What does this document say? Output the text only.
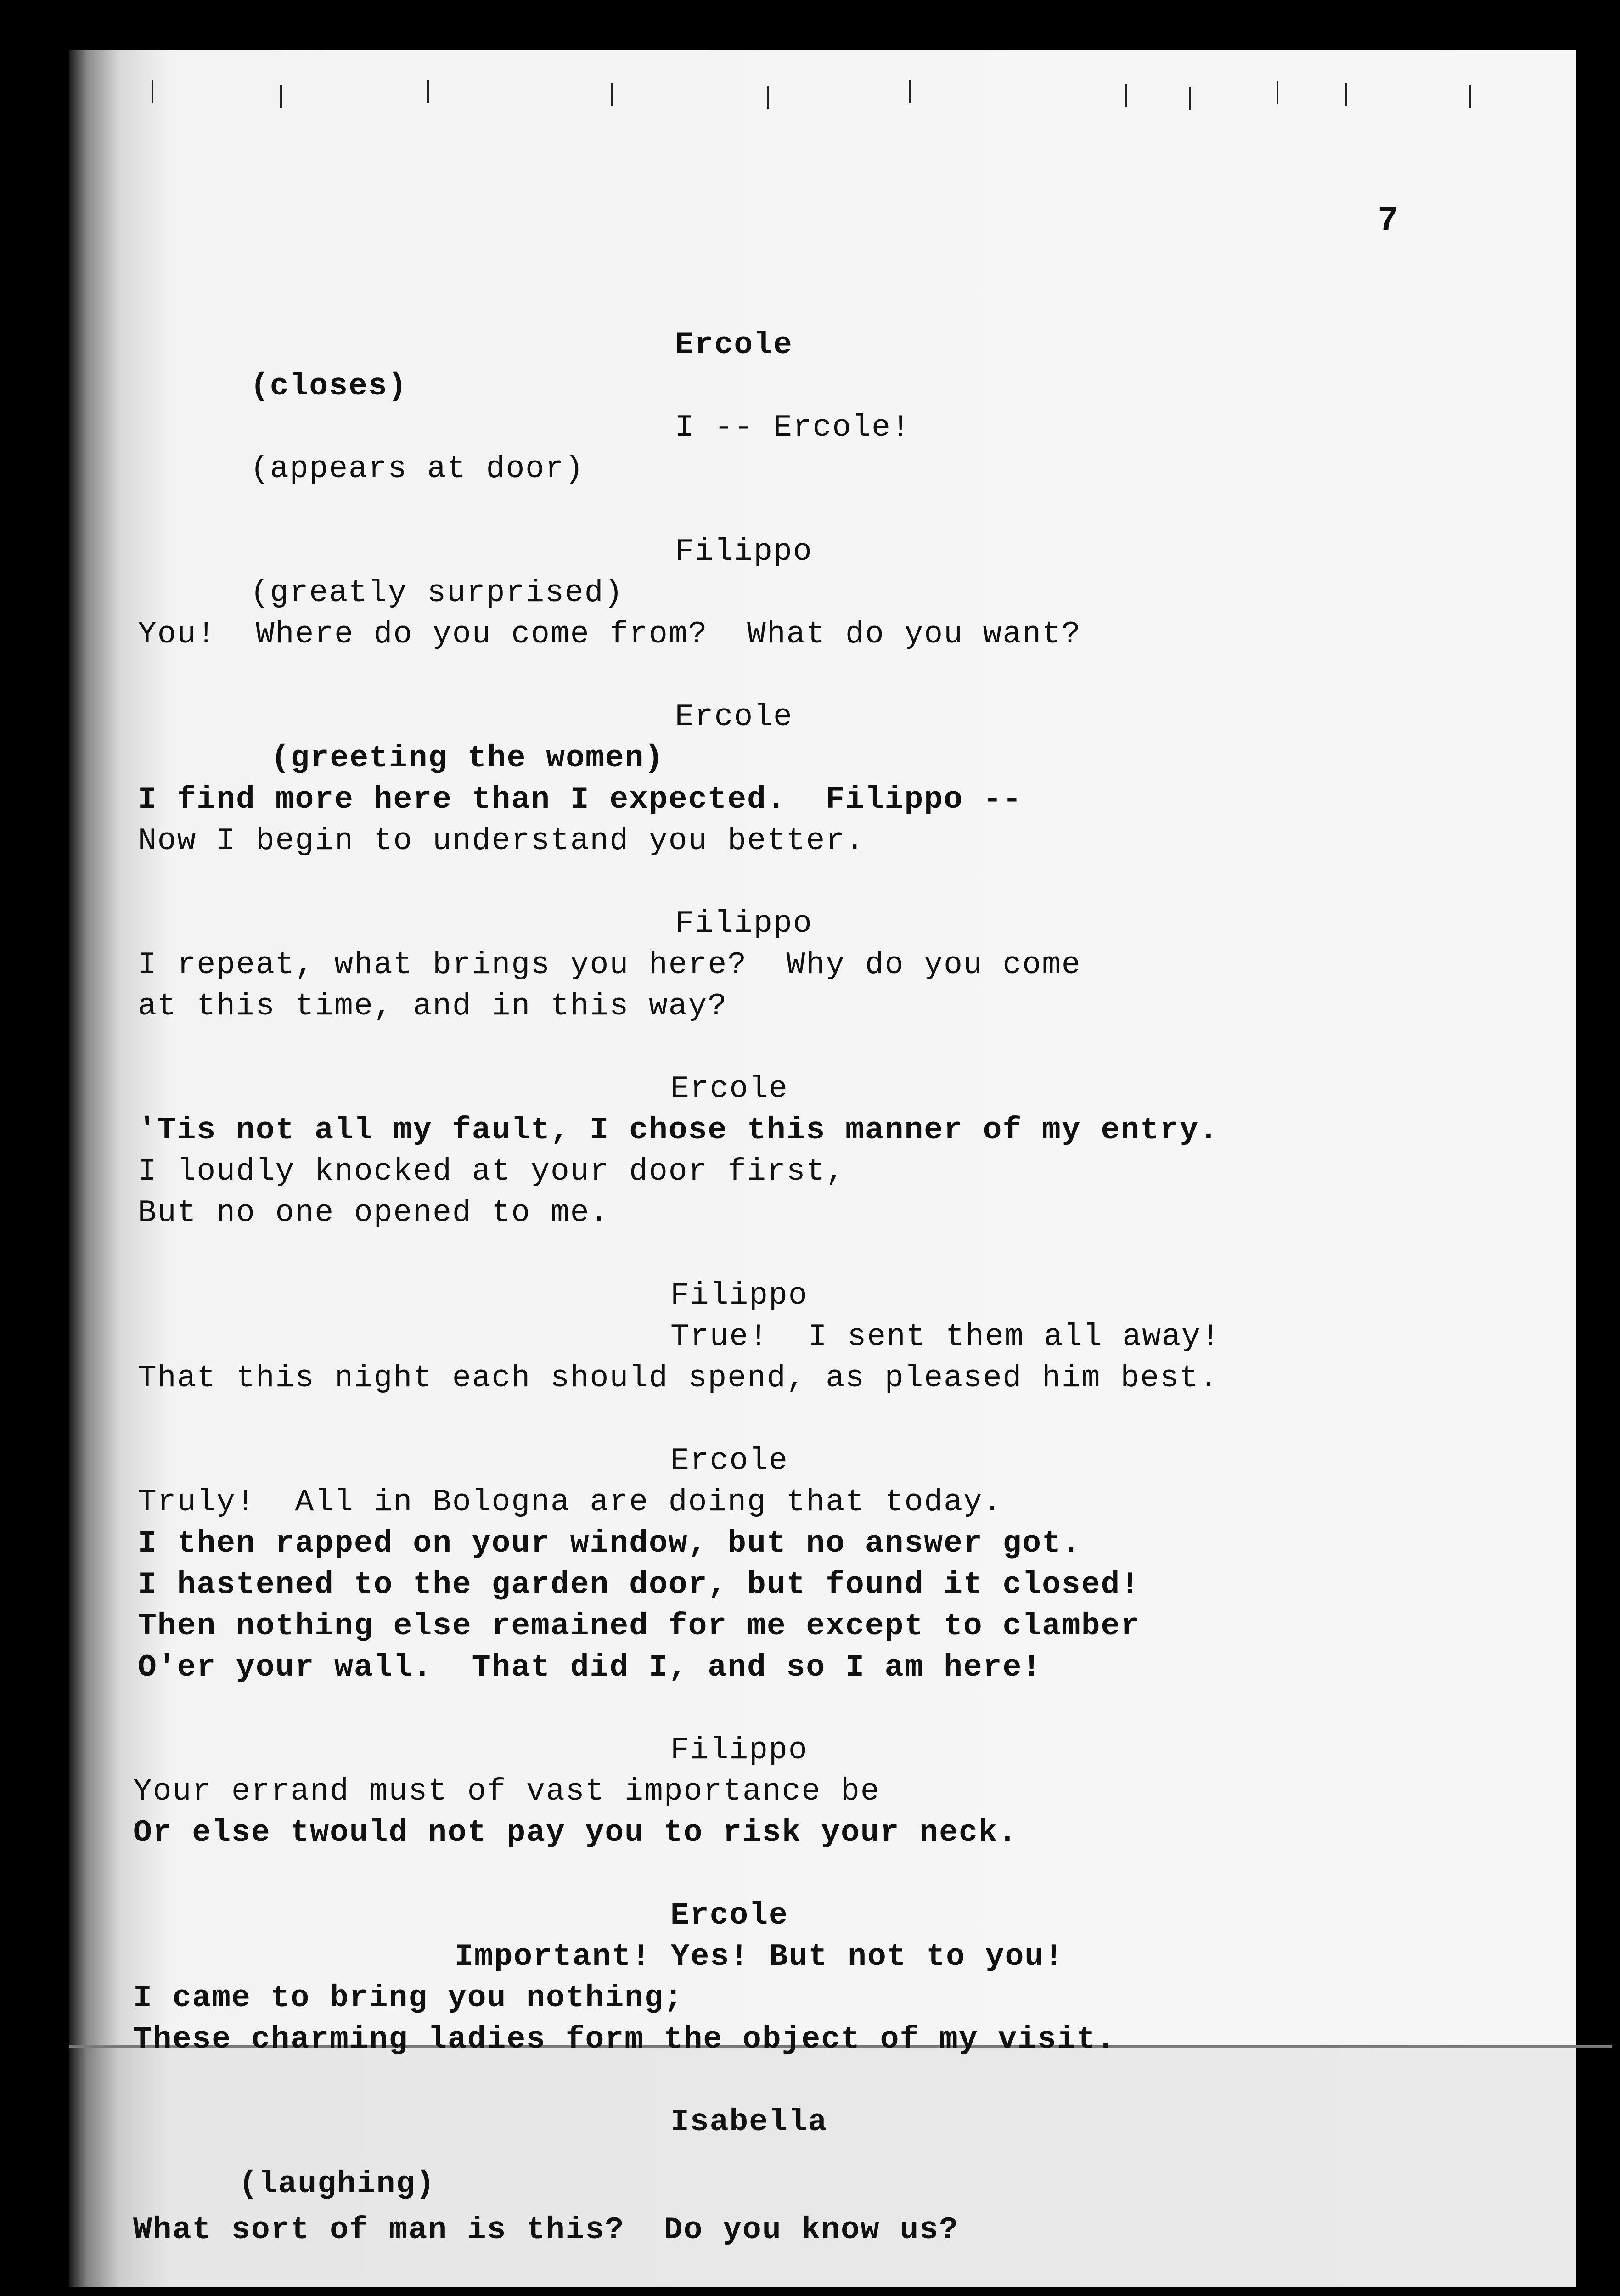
7
Ercole
(closes)
I -- Ercole!
(appears at door)
Filippo
(greatly surprised)
You!  Where do you come from?  What do you want?
Ercole
(greeting the women)
I find more here than I expected.  Filippo --
Now I begin to understand you better.
Filippo
I repeat, what brings you here?  Why do you come
at this time, and in this way?
Ercole
'Tis not all my fault, I chose this manner of my entry.
I loudly knocked at your door first,
But no one opened to me.
Filippo
True!  I sent them all away!
That this night each should spend, as pleased him best.
Ercole
Truly!  All in Bologna are doing that today.
I then rapped on your window, but no answer got.
I hastened to the garden door, but found it closed!
Then nothing else remained for me except to clamber
O'er your wall.  That did I, and so I am here!
Filippo
Your errand must of vast importance be
Or else twould not pay you to risk your neck.
Ercole
Important! Yes! But not to you!
I came to bring you nothing;
These charming ladies form the object of my visit.
Isabella
(laughing)
What sort of man is this?  Do you know us?
